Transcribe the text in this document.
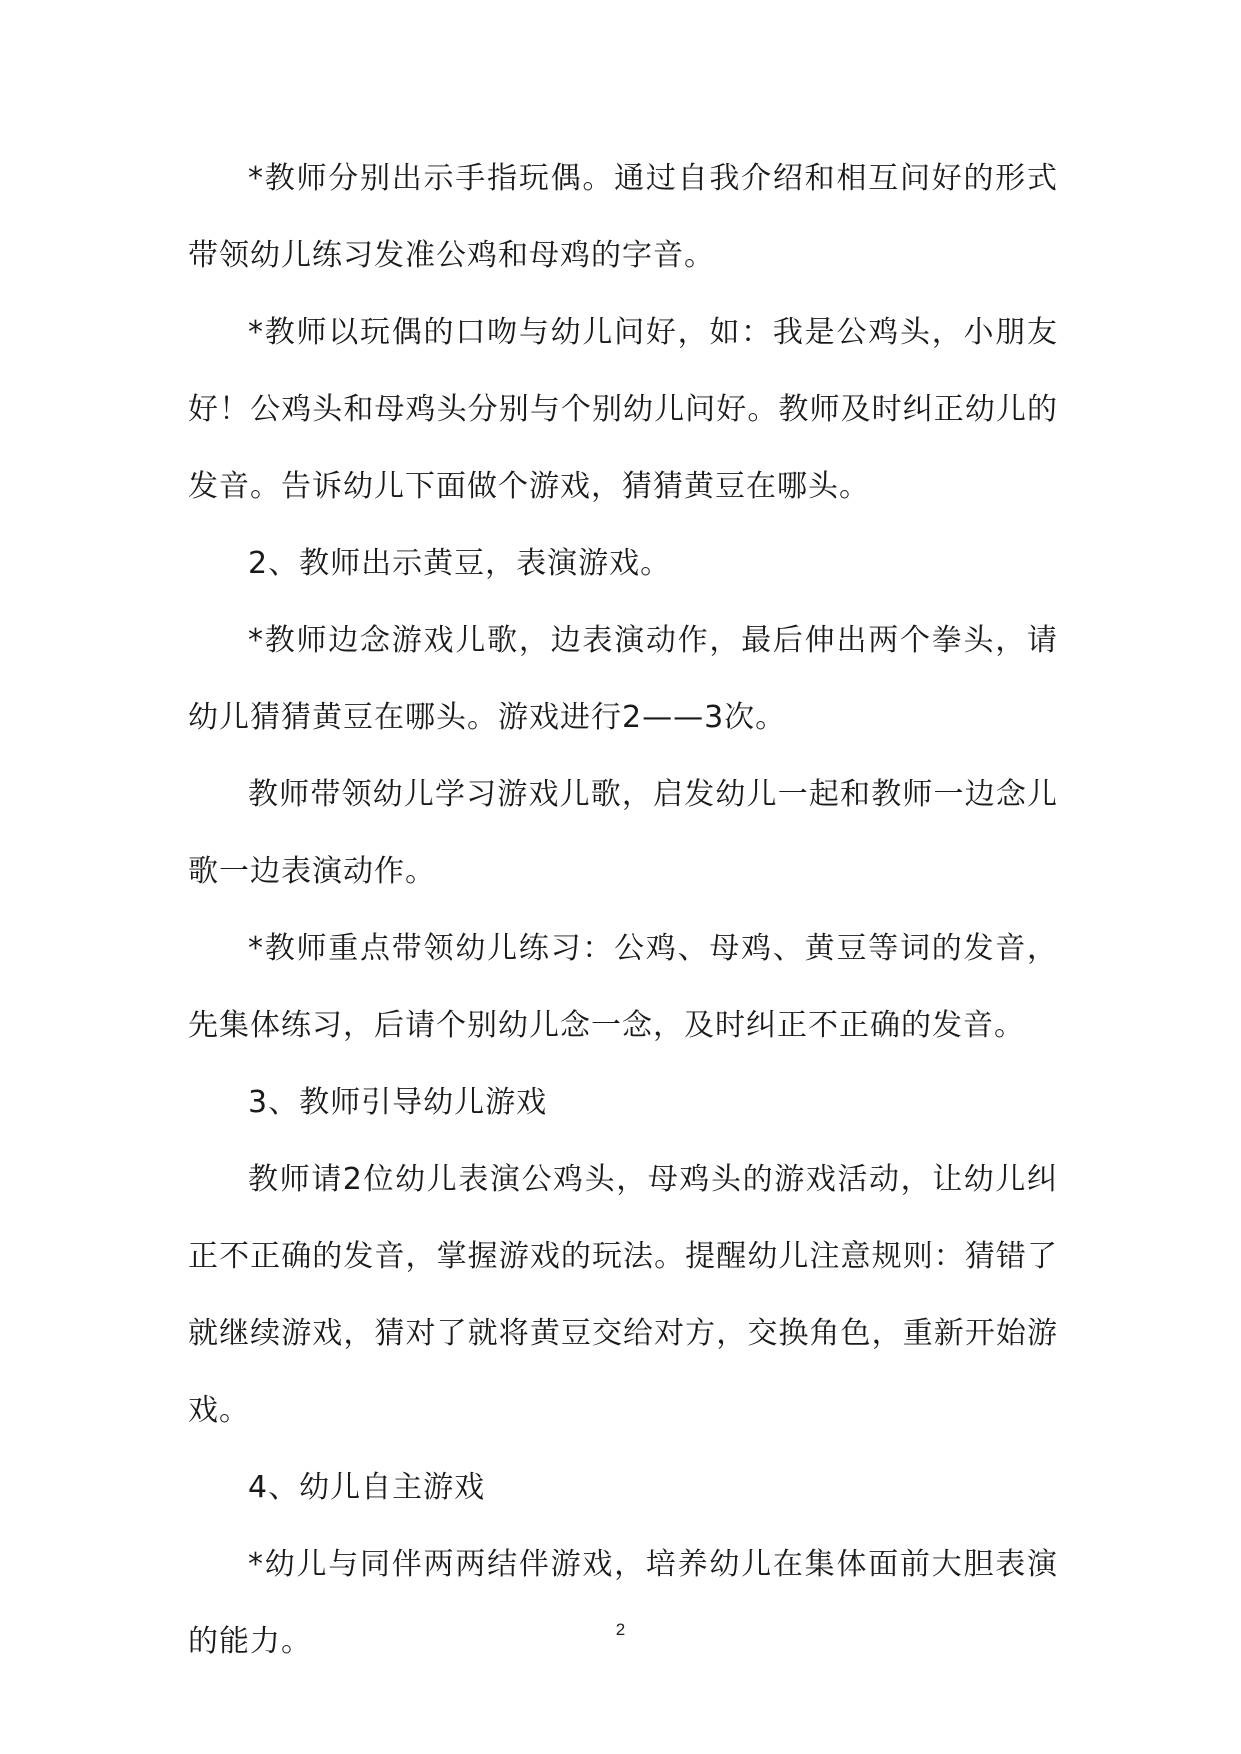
*教师分别出示手指玩偶。通过自我介绍和相互问好的形式带领幼儿练习发准公鸡和母鸡的字音。

*教师以玩偶的口吻与幼儿问好，如：我是公鸡头，小朋友好！公鸡头和母鸡头分别与个别幼儿问好。教师及时纠正幼儿的发音。告诉幼儿下面做个游戏，猜猜黄豆在哪头。

2、教师出示黄豆，表演游戏。

*教师边念游戏儿歌，边表演动作，最后伸出两个拳头，请幼儿猜猜黄豆在哪头。游戏进行2——3次。

教师带领幼儿学习游戏儿歌，启发幼儿一起和教师一边念儿歌一边表演动作。

*教师重点带领幼儿练习：公鸡、母鸡、黄豆等词的发音，先集体练习，后请个别幼儿念一念，及时纠正不正确的发音。

3、教师引导幼儿游戏

教师请2位幼儿表演公鸡头，母鸡头的游戏活动，让幼儿纠正不正确的发音，掌握游戏的玩法。提醒幼儿注意规则：猜错了就继续游戏，猜对了就将黄豆交给对方，交换角色，重新开始游戏。

4、幼儿自主游戏

*幼儿与同伴两两结伴游戏，培养幼儿在集体面前大胆表演的能力。	2
